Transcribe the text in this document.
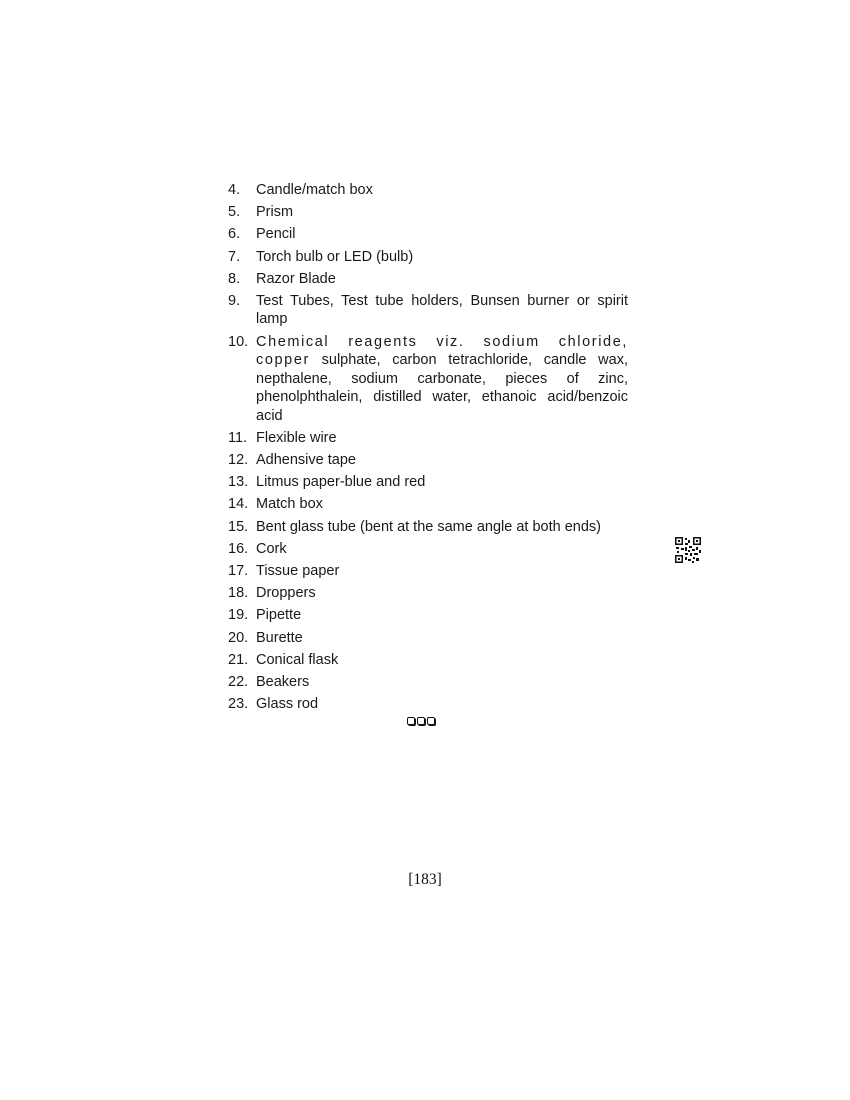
4.	Candle/match box
5.	Prism
6.	Pencil
7.	Torch bulb or LED (bulb)
8.	Razor Blade
9.	Test Tubes, Test tube holders, Bunsen burner or spirit lamp
10. Chemical reagents viz. sodium chloride, copper sulphate, carbon tetrachloride, candle wax, nepthalene, sodium carbonate, pieces of zinc, phenolphthalein, distilled water, ethanoic acid/benzoic acid
11. Flexible wire
12. Adhensive tape
13. Litmus paper-blue and red
14. Match box
15. Bent glass tube (bent at the same angle at both ends)
16. Cork
17. Tissue paper
18. Droppers
19. Pipette
20. Burette
21. Conical flask
22. Beakers
23. Glass rod
[183]
